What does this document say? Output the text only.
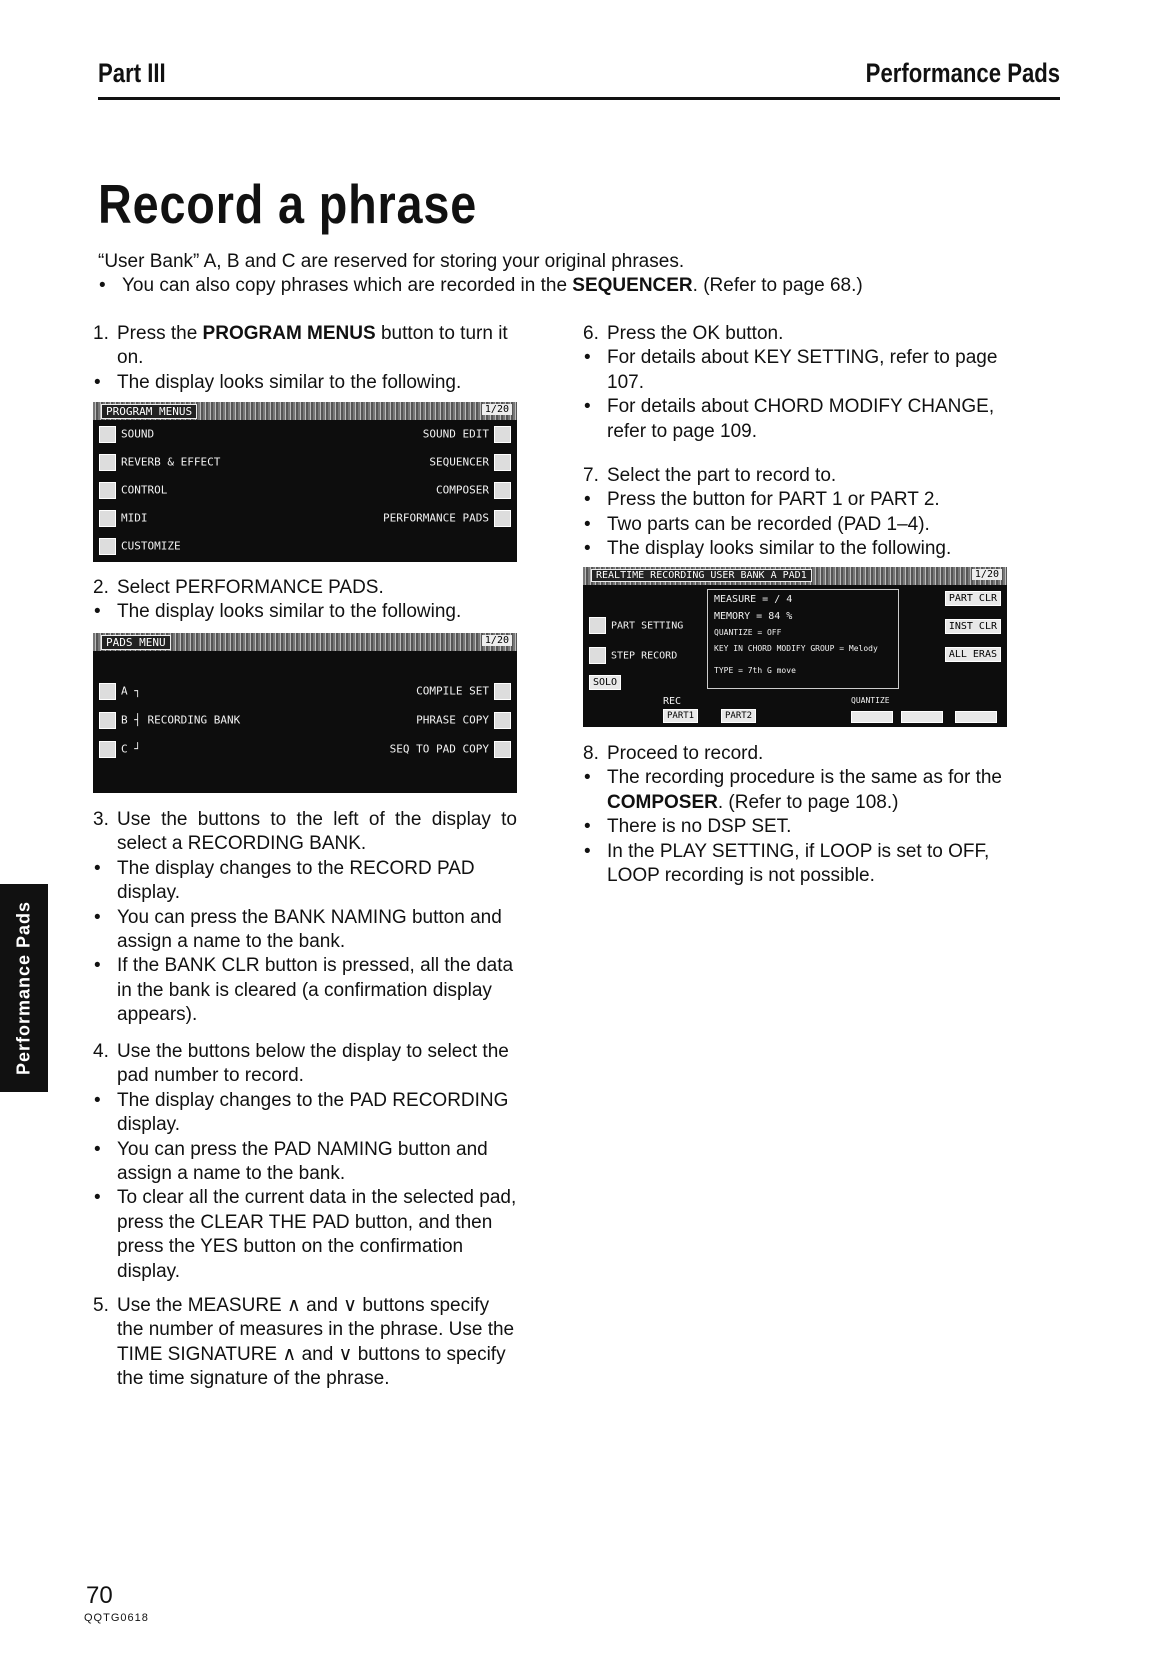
Part III	Performance Pads
Record a phrase

“User Bank” A, B and C are reserved for storing your original phrases.

• You can also copy phrases which are recorded in the SEQUENCER. (Refer to page 68.)

1. Press the PROGRAM MENUS button to turn it on.

• The display looks similar to the following.

PROGRAM MENUS	1/20
SOUND	SOUND EDIT
REVERB & EFFECT	SEQUENCER
CONTROL	COMPOSER
MIDI	PERFORMANCE PADS
CUSTOMIZE

2. Select PERFORMANCE PADS.

• The display looks similar to the following.

PADS MENU	1/20
A ┐	COMPILE SET
B ┤ RECORDING BANK	PHRASE COPY
C ┘	SEQ TO PAD COPY

3. Use the buttons to the left of the display to select a RECORDING BANK.

• The display changes to the RECORD PAD display.

• You can press the BANK NAMING button and assign a name to the bank.

• If the BANK CLR button is pressed, all the data in the bank is cleared (a confirmation display appears).

4. Use the buttons below the display to select the pad number to record.

• The display changes to the PAD RECORDING display.

• You can press the PAD NAMING button and assign a name to the bank.

• To clear all the current data in the selected pad, press the CLEAR THE PAD button, and then press the YES button on the confirmation display.

5. Use the MEASURE ∧ and ∨ buttons specify the number of measures in the phrase. Use the TIME SIGNATURE ∧ and ∨ buttons to specify the time signature of the phrase.

6. Press the OK button.

• For details about KEY SETTING, refer to page 107.

• For details about CHORD MODIFY CHANGE, refer to page 109.

7. Select the part to record to.

• Press the button for PART 1 or PART 2.

• Two parts can be recorded (PAD 1–4).

• The display looks similar to the following.

REALTIME RECORDING USER BANK A PAD1	1/20
PART SETTING
STEP RECORD
SOLO
MEASURE = / 4
MEMORY = 84 %
QUANTIZE = OFF
KEY IN CHORD MODIFY GROUP = Melody
TYPE = 7th G move
PART CLR
INST CLR
ALL ERAS
REC
PART1	PART2
QUANTIZE

8. Proceed to record.

• The recording procedure is the same as for the COMPOSER. (Refer to page 108.)

• There is no DSP SET.

• In the PLAY SETTING, if LOOP is set to OFF, LOOP recording is not possible.

Performance Pads
70
QQTG0618
